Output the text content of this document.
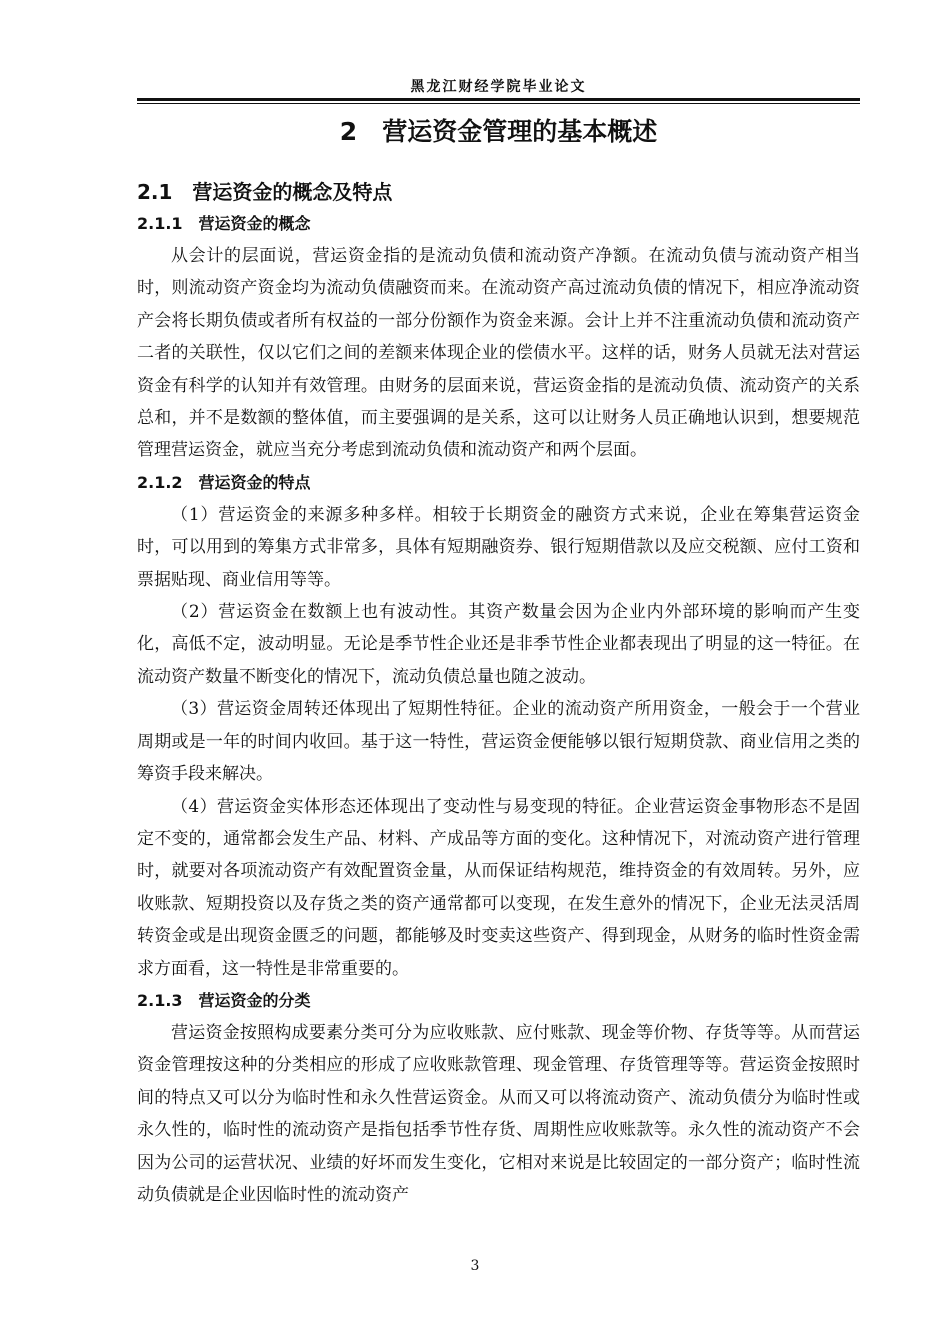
黑龙江财经学院毕业论文
2　营运资金管理的基本概述
2.1　营运资金的概念及特点
2.1.1　营运资金的概念

从会计的层面说，营运资金指的是流动负债和流动资产净额。在流动负债与流动资产相当时，则流动资产资金均为流动负债融资而来。在流动资产高过流动负债的情况下，相应净流动资产会将长期负债或者所有权益的一部分份额作为资金来源。会计上并不注重流动负债和流动资产二者的关联性，仅以它们之间的差额来体现企业的偿债水平。这样的话，财务人员就无法对营运资金有科学的认知并有效管理。由财务的层面来说，营运资金指的是流动负债、流动资产的关系总和，并不是数额的整体值，而主要强调的是关系，这可以让财务人员正确地认识到，想要规范管理营运资金，就应当充分考虑到流动负债和流动资产和两个层面。

2.1.2　营运资金的特点

（1）营运资金的来源多种多样。相较于长期资金的融资方式来说，企业在筹集营运资金时，可以用到的筹集方式非常多，具体有短期融资券、银行短期借款以及应交税额、应付工资和票据贴现、商业信用等等。

（2）营运资金在数额上也有波动性。其资产数量会因为企业内外部环境的影响而产生变化，高低不定，波动明显。无论是季节性企业还是非季节性企业都表现出了明显的这一特征。在流动资产数量不断变化的情况下，流动负债总量也随之波动。

（3）营运资金周转还体现出了短期性特征。企业的流动资产所用资金，一般会于一个营业周期或是一年的时间内收回。基于这一特性，营运资金便能够以银行短期贷款、商业信用之类的筹资手段来解决。

（4）营运资金实体形态还体现出了变动性与易变现的特征。企业营运资金事物形态不是固定不变的，通常都会发生产品、材料、产成品等方面的变化。这种情况下，对流动资产进行管理时，就要对各项流动资产有效配置资金量，从而保证结构规范，维持资金的有效周转。另外，应收账款、短期投资以及存货之类的资产通常都可以变现，在发生意外的情况下，企业无法灵活周转资金或是出现资金匮乏的问题，都能够及时变卖这些资产、得到现金，从财务的临时性资金需求方面看，这一特性是非常重要的。

2.1.3　营运资金的分类

营运资金按照构成要素分类可分为应收账款、应付账款、现金等价物、存货等等。从而营运资金管理按这种的分类相应的形成了应收账款管理、现金管理、存货管理等等。营运资金按照时间的特点又可以分为临时性和永久性营运资金。从而又可以将流动资产、流动负债分为临时性或永久性的，临时性的流动资产是指包括季节性存货、周期性应收账款等。永久性的流动资产不会因为公司的运营状况、业绩的好坏而发生变化，它相对来说是比较固定的一部分资产；临时性流动负债就是企业因临时性的流动资产

3
